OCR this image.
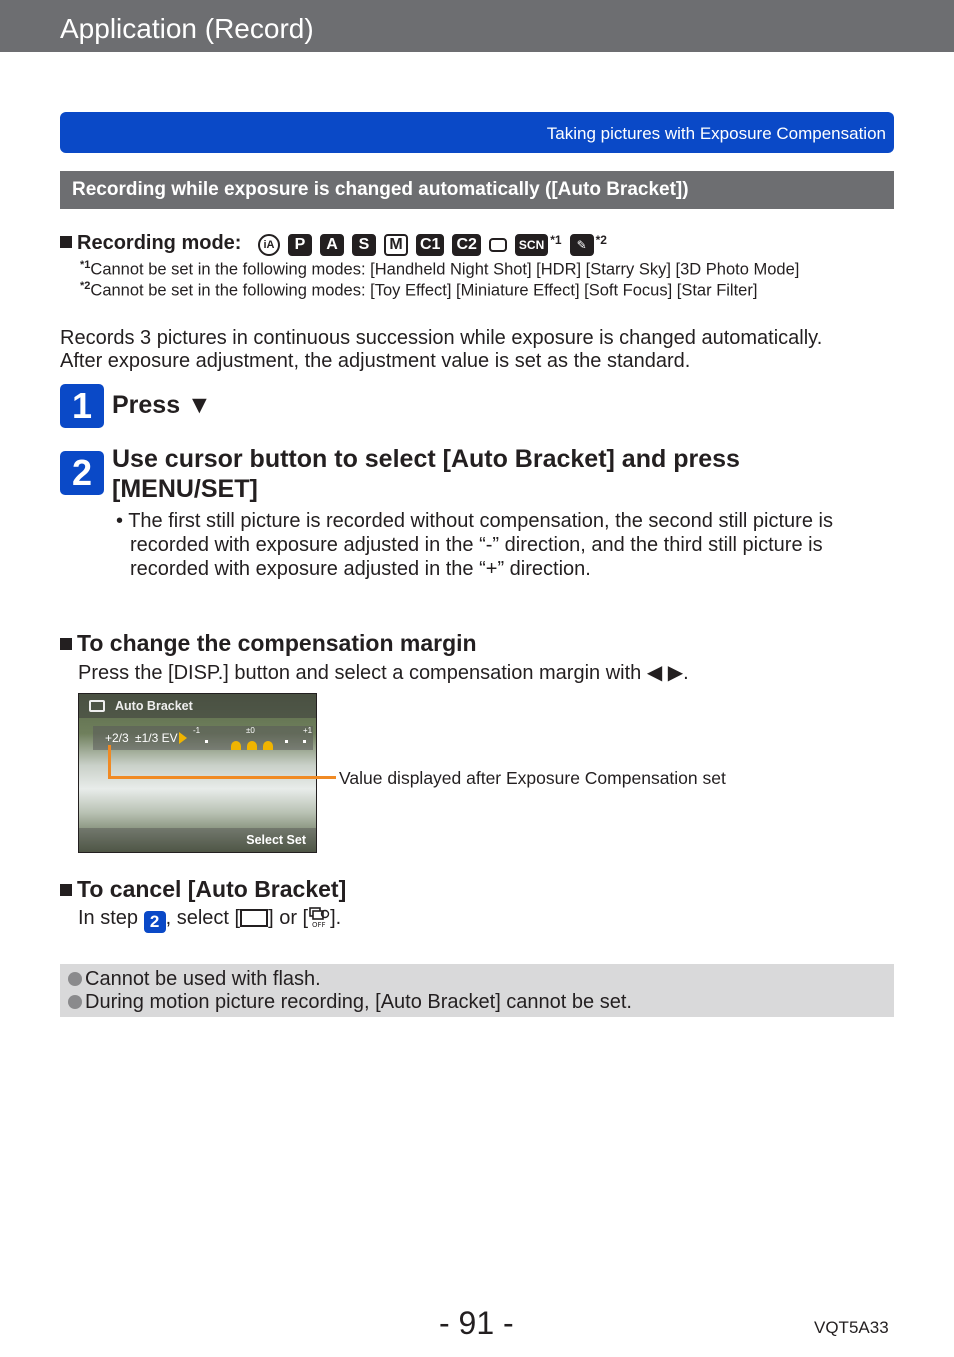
Application (Record)
Taking pictures with Exposure Compensation
Recording while exposure is changed automatically ([Auto Bracket])
Recording mode:	iA	P	A	S	M	C1 C2	SCN *1	✎ *2
$^{*1}$Cannot be set in the following modes: [Handheld Night Shot] [HDR] [Starry Sky] [3D Photo Mode]
$^{*2}$Cannot be set in the following modes: [Toy Effect] [Miniature Effect] [Soft Focus] [Star Filter]
Records 3 pictures in continuous succession while exposure is changed automatically.
After exposure adjustment, the adjustment value is set as the standard.
1 Press ▼
2 Use cursor button to select [Auto Bracket] and press
[MENU/SET]

• The first still picture is recorded without compensation, the second still picture is

recorded with exposure adjusted in the “-” direction, and the third still picture is

recorded with exposure adjusted in the “+” direction.

To change the compensation margin
Press the [DISP.] button and select a compensation margin with ◀ ▶.
Auto Bracket
+2/3 ±1/3 EV
-1	±0	+1
Select Set
Value displayed after Exposure Compensation set
To cancel [Auto Bracket]
In step 2 , select [ ] or [ OFF ].

Cannot be used with flash.

During motion picture recording, [Auto Bracket] cannot be set.

- 91 -	VQT5A33
